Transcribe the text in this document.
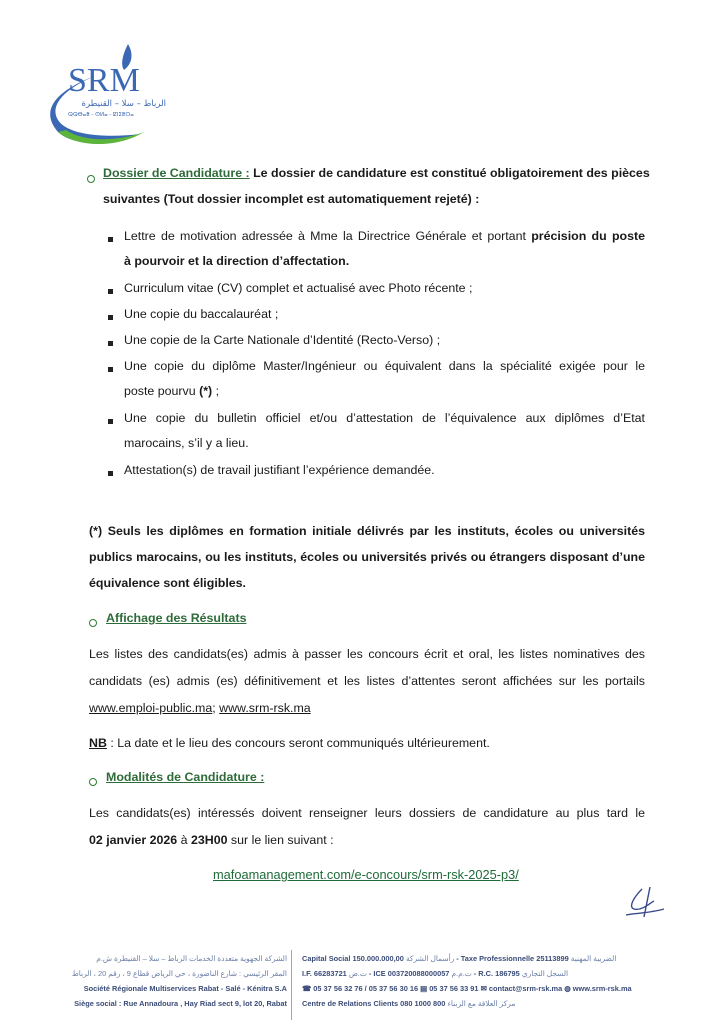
SRM
الرباط – سلا – القنيطرة
ⵕⵕⴱⴰⵟ - ⵙⵍⴰ - ⵇⵏⵉⵟⵔⴰ
Dossier de Candidature : Le dossier de candidature est constitué obligatoirement des pièces
suivantes (Tout dossier incomplet est automatiquement rejeté) :
Lettre de motivation adressée à Mme la Directrice Générale et portant précision du poste
à pourvoir et la direction d’affectation.
Curriculum vitae (CV) complet et actualisé avec Photo récente ;
Une copie du baccalauréat ;
Une copie de la Carte Nationale d’Identité (Recto-Verso) ;
Une copie du diplôme Master/Ingénieur ou équivalent dans la spécialité exigée pour le
poste pourvu (*) ;
Une copie du bulletin officiel et/ou d’attestation de l’équivalence aux diplômes d’Etat
marocains, s’il y a lieu.
Attestation(s) de travail justifiant l’expérience demandée.
(*) Seuls les diplômes en formation initiale délivrés par les instituts, écoles ou universités
publics marocains, ou les instituts, écoles ou universités privés ou étrangers disposant d’une
équivalence sont éligibles.
Affichage des Résultats
Les listes des candidats(es) admis à passer les concours écrit et oral, les listes nominatives des
candidats (es) admis (es) définitivement et les listes d’attentes seront affichées sur les portails
www.emploi-public.ma; www.srm-rsk.ma
NB : La date et le lieu des concours seront communiqués ultérieurement.
Modalités de Candidature :
Les candidats(es) intéressés doivent renseigner leurs dossiers de candidature au plus tard le
02 janvier 2026 à 23H00 sur le lien suivant :
mafoamanagement.com/e-concours/srm-rsk-2025-p3/
الشركة الجهوية متعددة الخدمات الرباط – سلا – القنيطرة ش.م
المقر الرئيسي : شارع الناضورة ، حي الرياض قطاع 9 ، رقم 20 ، الرباط
Société Régionale Multiservices Rabat - Salé - Kénitra S.A
Siège social : Rue Annadoura , Hay Riad sect 9, lot 20, Rabat
Capital Social 150.000.000,00 رأسمال الشركة - Taxe Professionnelle 25113899 الضريبة المهنية
I.F. 66283721 ت.ض - ICE 003720088000057 ت.م.م - R.C. 186795 السجل التجاري
☎ 05 37 56 32 76 / 05 37 56 30 16 ▤ 05 37 56 33 91 ✉ contact@srm-rsk.ma ◍ www.srm-rsk.ma
Centre de Relations Clients 080 1000 800 مركز العلاقة مع الزبناء
